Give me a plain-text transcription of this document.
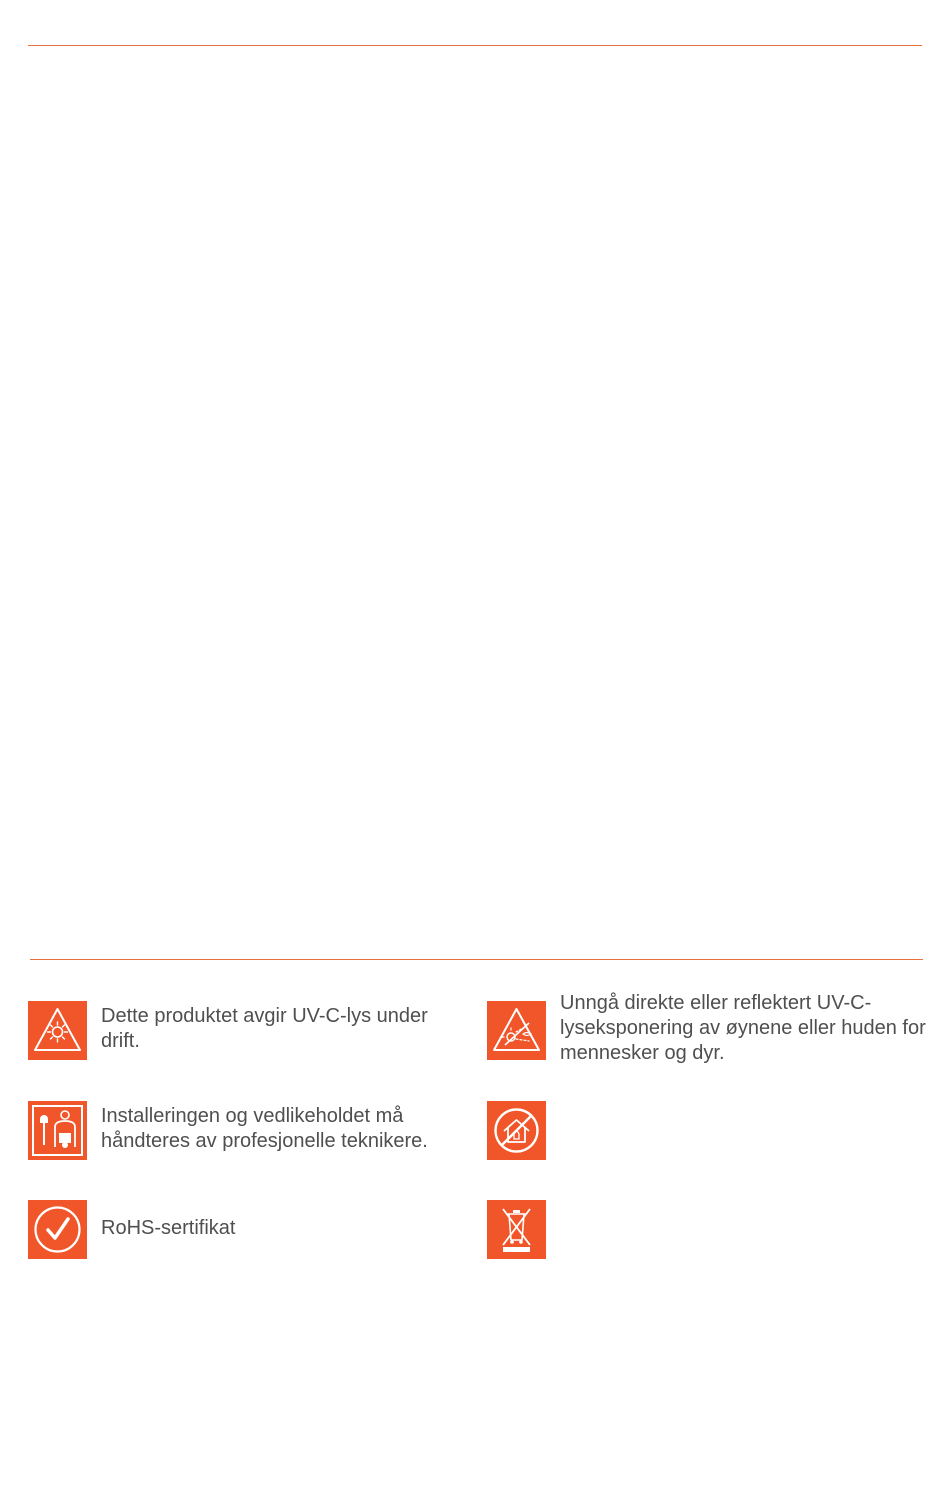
Dette produktet avgir UV-C-lys under drift.
Unngå direkte eller reflektert UV-C-lyseksponering av øynene eller huden for mennesker og dyr.
Installeringen og vedlikeholdet må håndteres av profesjonelle teknikere.
RoHS-sertifikat
